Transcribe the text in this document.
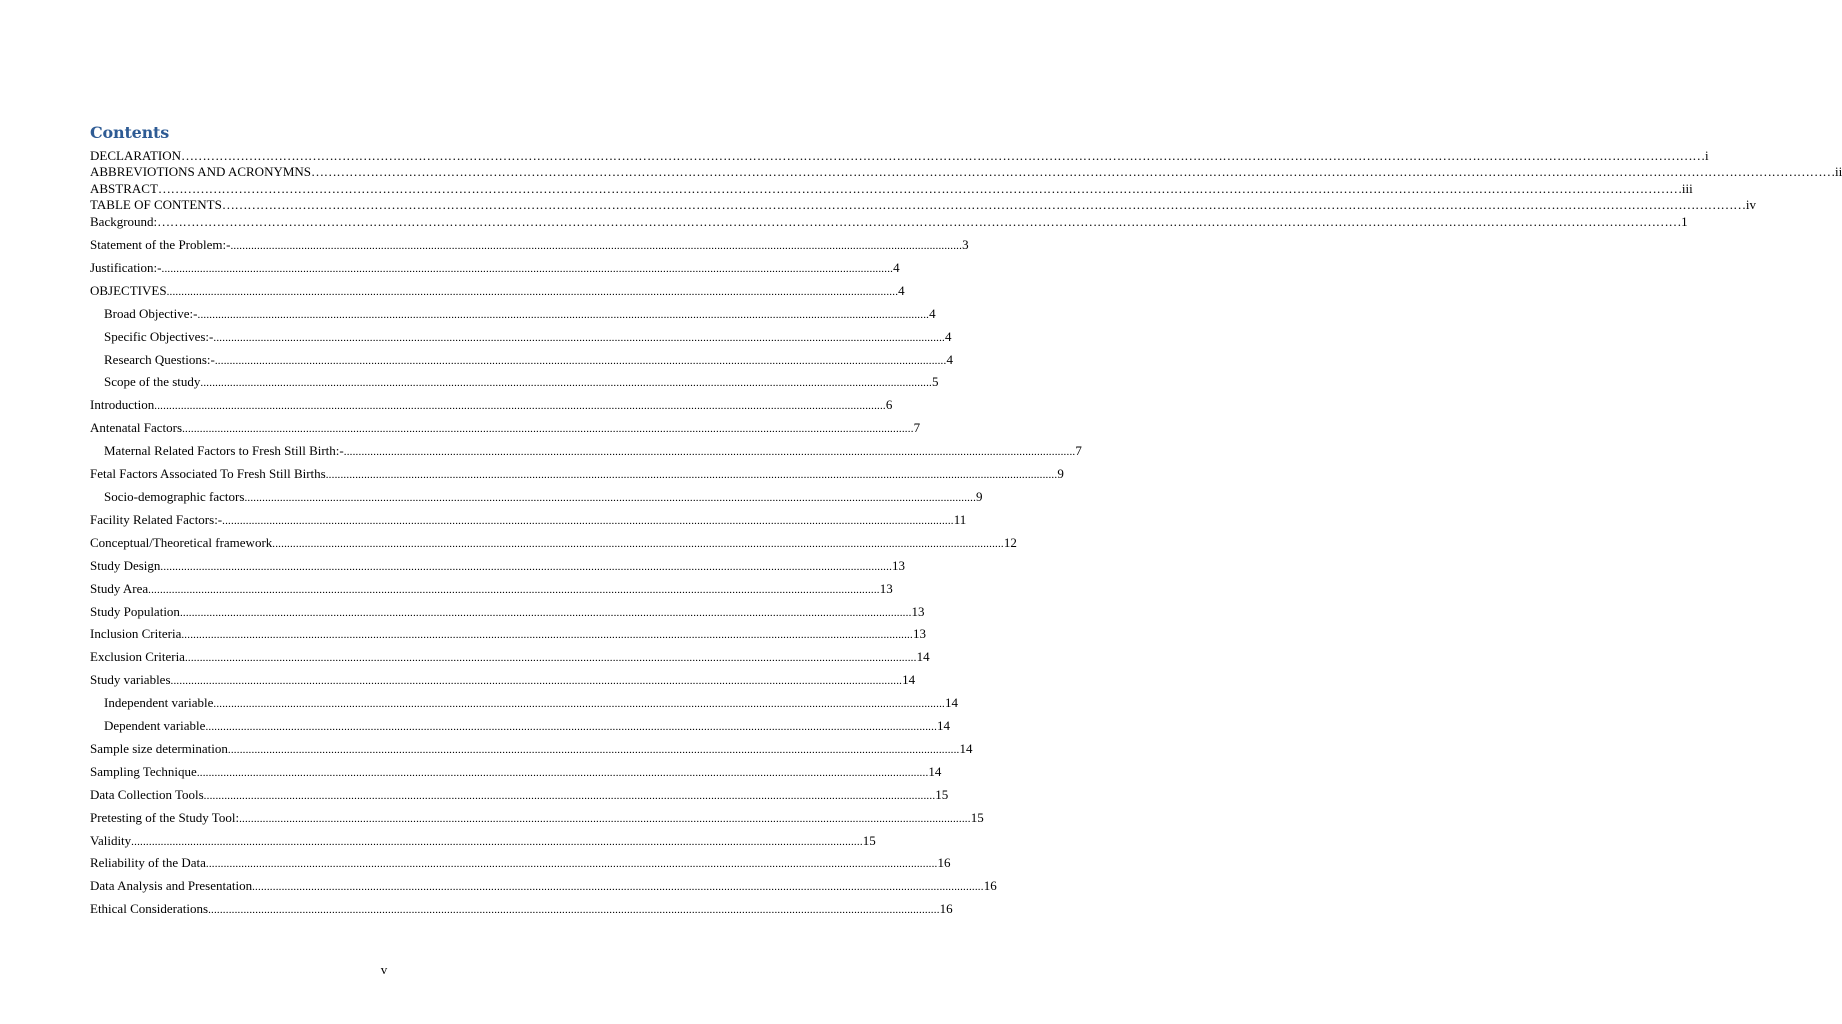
Contents
DECLARATION ……………………………………………………………………………………………………………………………………………………………………………………………………………………………………………………………………………………………………………………………… i
ABBREVIOTIONS AND ACRONYMNS ……………………………………………………………………………………………………………………………………………………………………………………………………………………………………………………………………………………………………………………………… ii
ABSTRACT ……………………………………………………………………………………………………………………………………………………………………………………………………………………………………………………………………………………………………………………………… iii
TABLE OF CONTENTS ……………………………………………………………………………………………………………………………………………………………………………………………………………………………………………………………………………………………………………………………… iv
Background: ……………………………………………………………………………………………………………………………………………………………………………………………………………………………………………………………………………………………………………………………… 1
Statement of the Problem:- .....	3
Justification:- .....	4
OBJECTIVES .....	4
Broad Objective:- .....	4
Specific Objectives:- .....	4
Research Questions:- .....	4
Scope of the study .....	5
Introduction .....	6
Antenatal Factors .....	7
Maternal Related Factors to Fresh Still Birth:- .....	7
Fetal Factors Associated To Fresh Still Births .....	9
Socio-demographic factors .....	9
Facility Related Factors:- .....	11
Conceptual/Theoretical framework .....	12
Study Design .....	13
Study Area .....	13
Study Population .....	13
Inclusion Criteria .....	13
Exclusion Criteria .....	14
Study variables .....	14
Independent variable .....	14
Dependent variable .....	14
Sample size determination .....	14
Sampling Technique .....	14
Data Collection Tools .....	15
Pretesting of the Study Tool: .....	15
Validity .....	15
Reliability of the Data .....	16
Data Analysis and Presentation .....	16
Ethical Considerations .....	16
v
